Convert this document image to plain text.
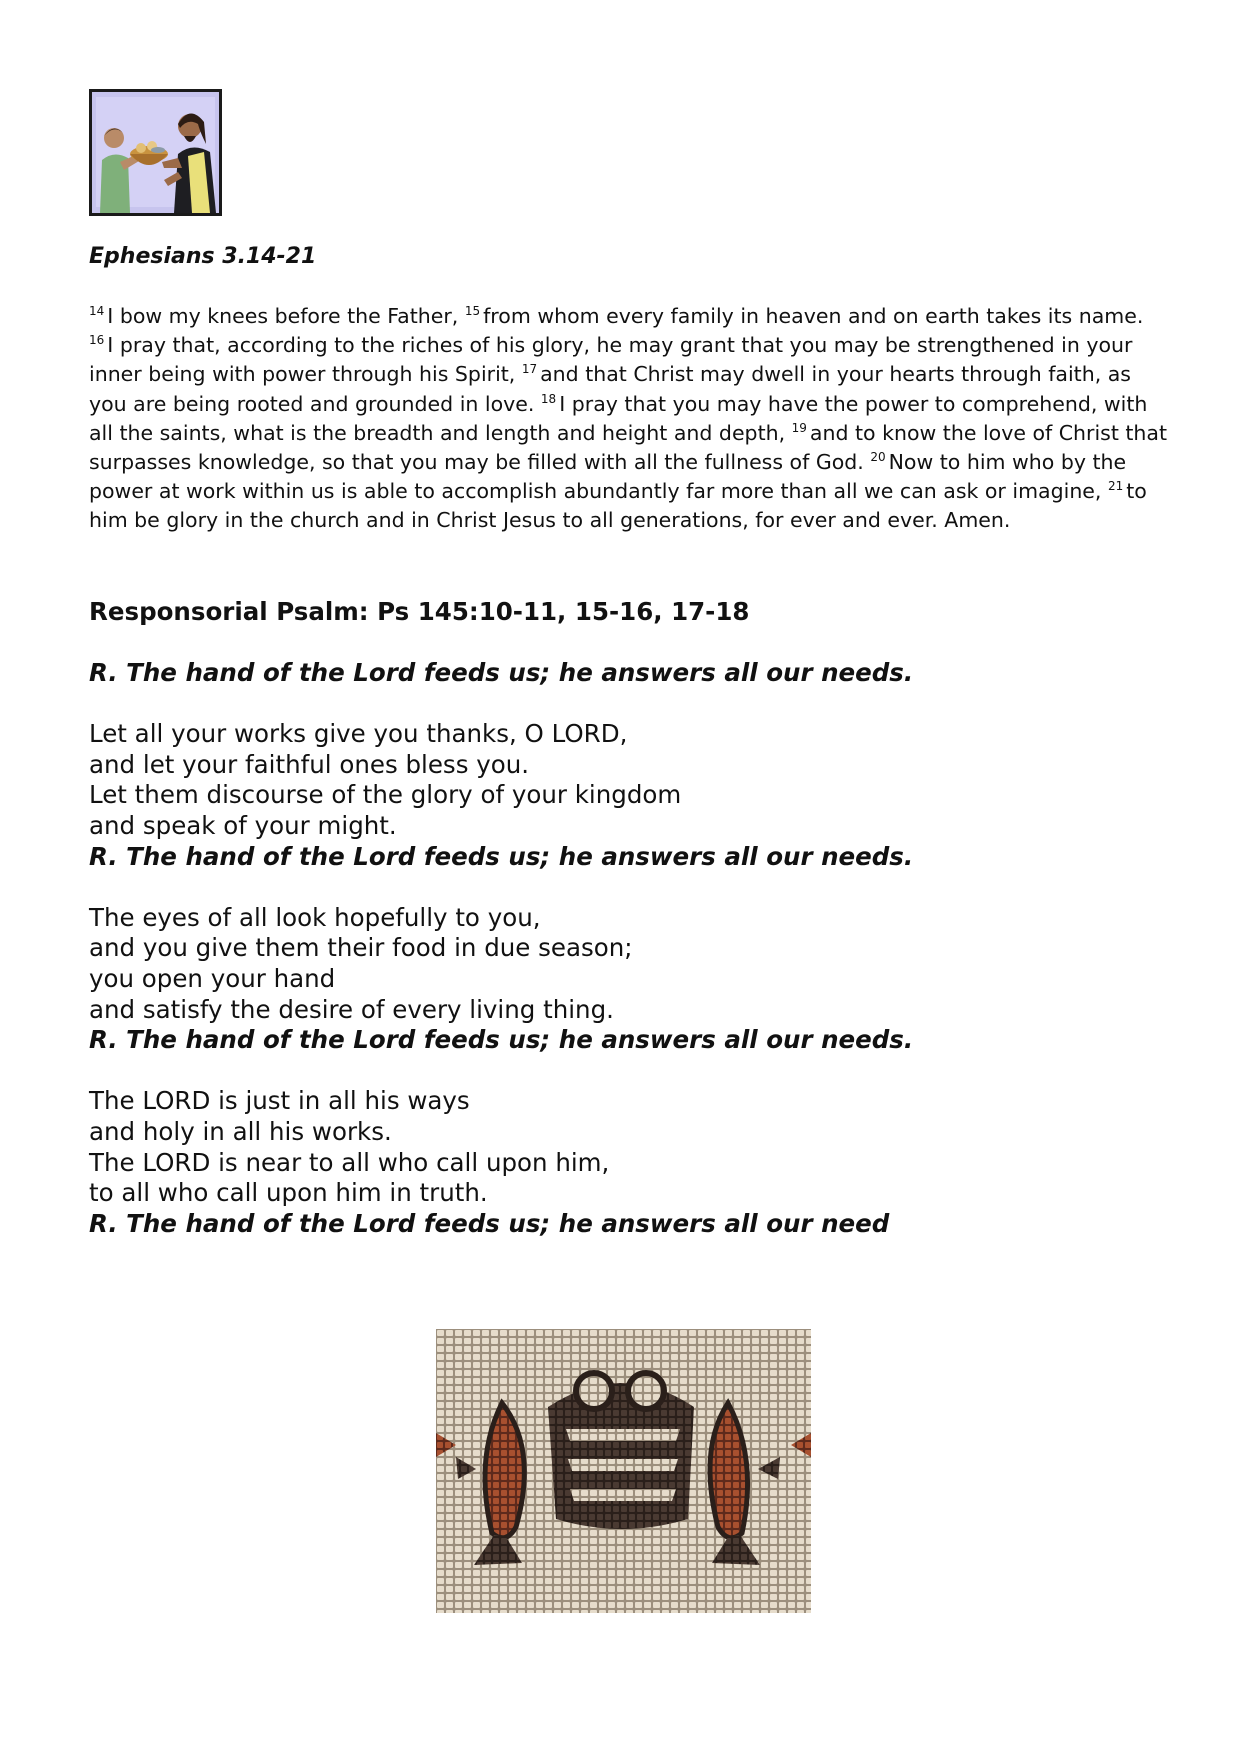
Ephesians 3.14-21

$^{14}$ I bow my knees before the Father, $^{15}$ from whom every family in heaven and on earth takes its name. $^{16}$ I pray that, according to the riches of his glory, he may grant that you may be strengthened in your inner being with power through his Spirit, $^{17}$ and that Christ may dwell in your hearts through faith, as you are being rooted and grounded in love. $^{18}$ I pray that you may have the power to comprehend, with all the saints, what is the breadth and length and height and depth, $^{19}$ and to know the love of Christ that surpasses knowledge, so that you may be filled with all the fullness of God. $^{20}$ Now to him who by the power at work within us is able to accomplish abundantly far more than all we can ask or imagine, $^{21}$ to him be glory in the church and in Christ Jesus to all generations, for ever and ever. Amen.

Responsorial Psalm: Ps 145:10-11, 15-16, 17-18
R. The hand of the Lord feeds us; he answers all our needs.
Let all your works give you thanks, O LORD,
and let your faithful ones bless you.
Let them discourse of the glory of your kingdom
and speak of your might.
R. The hand of the Lord feeds us; he answers all our needs.
The eyes of all look hopefully to you,
and you give them their food in due season;
you open your hand
and satisfy the desire of every living thing.
R. The hand of the Lord feeds us; he answers all our needs.
The LORD is just in all his ways
and holy in all his works.
The LORD is near to all who call upon him,
to all who call upon him in truth.
R. The hand of the Lord feeds us; he answers all our need
